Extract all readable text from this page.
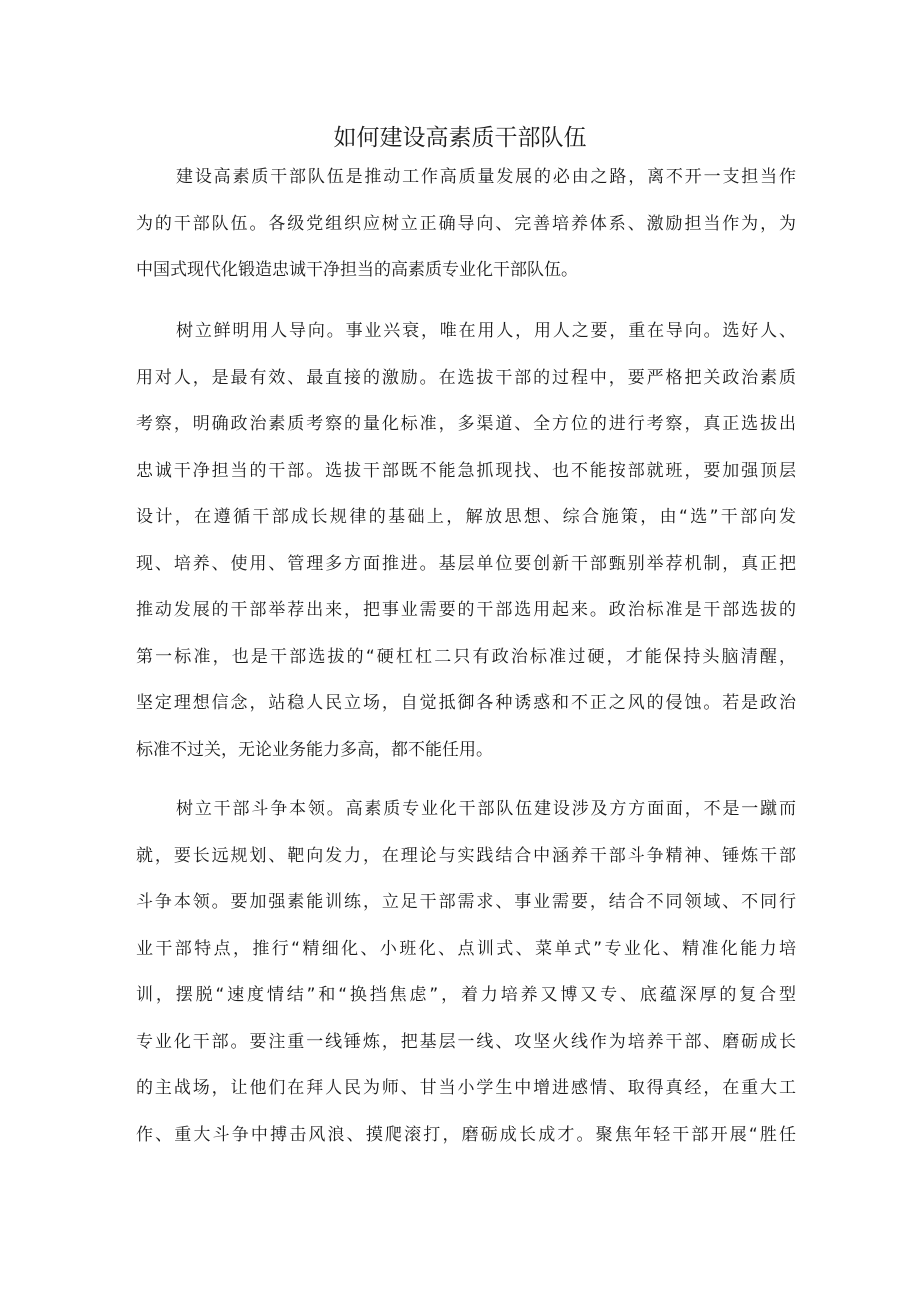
如何建设高素质干部队伍
建设高素质干部队伍是推动工作高质量发展的必由之路，离不开一支担当作
为的干部队伍。各级党组织应树立正确导向、完善培养体系、激励担当作为，为
中国式现代化锻造忠诚干净担当的高素质专业化干部队伍。
树立鲜明用人导向。事业兴衰，唯在用人，用人之要，重在导向。选好人、
用对人，是最有效、最直接的激励。在选拔干部的过程中，要严格把关政治素质
考察，明确政治素质考察的量化标准，多渠道、全方位的进行考察，真正选拔出
忠诚干净担当的干部。选拔干部既不能急抓现找、也不能按部就班，要加强顶层
设计，在遵循干部成长规律的基础上，解放思想、综合施策，由“选”干部向发
现、培养、使用、管理多方面推进。基层单位要创新干部甄别举荐机制，真正把
推动发展的干部举荐出来，把事业需要的干部选用起来。政治标准是干部选拔的
第一标准，也是干部选拔的“硬杠杠二只有政治标准过硬，才能保持头脑清醒，
坚定理想信念，站稳人民立场，自觉抵御各种诱惑和不正之风的侵蚀。若是政治
标准不过关，无论业务能力多高，都不能任用。
树立干部斗争本领。高素质专业化干部队伍建设涉及方方面面，不是一蹴而
就，要长远规划、靶向发力，在理论与实践结合中涵养干部斗争精神、锤炼干部
斗争本领。要加强素能训练，立足干部需求、事业需要，结合不同领域、不同行
业干部特点，推行“精细化、小班化、点训式、菜单式”专业化、精准化能力培
训，摆脱“速度情结”和“换挡焦虑”，着力培养又博又专、底蕴深厚的复合型
专业化干部。要注重一线锤炼，把基层一线、攻坚火线作为培养干部、磨砺成长
的主战场，让他们在拜人民为师、甘当小学生中增进感情、取得真经，在重大工
作、重大斗争中搏击风浪、摸爬滚打，磨砺成长成才。聚焦年轻干部开展“胜任
